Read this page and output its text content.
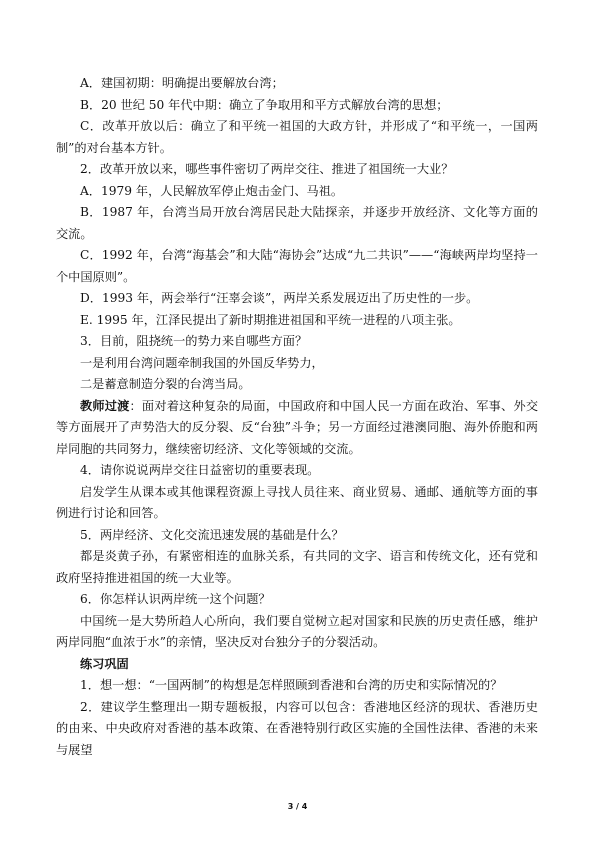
A．建国初期：明确提出要解放台湾；

B．20 世纪 50 年代中期：确立了争取用和平方式解放台湾的思想；

C．改革开放以后：确立了和平统一祖国的大政方针，并形成了“和平统一，一国两制”的对台基本方针。

2．改革开放以来，哪些事件密切了两岸交往、推进了祖国统一大业？

A．1979 年，人民解放军停止炮击金门、马祖。

B．1987 年，台湾当局开放台湾居民赴大陆探亲，并逐步开放经济、文化等方面的交流。

C．1992 年，台湾“海基会”和大陆“海协会”达成“九二共识”——“海峡两岸均坚持一个中国原则”。

D．1993 年，两会举行“汪辜会谈”，两岸关系发展迈出了历史性的一步。

E. 1995 年，江泽民提出了新时期推进祖国和平统一进程的八项主张。

3．目前，阻挠统一的势力来自哪些方面？

一是利用台湾问题牵制我国的外国反华势力，

二是蓄意制造分裂的台湾当局。

教师过渡：面对着这种复杂的局面，中国政府和中国人民一方面在政治、军事、外交等方面展开了声势浩大的反分裂、反“台独”斗争；另一方面经过港澳同胞、海外侨胞和两岸同胞的共同努力，继续密切经济、文化等领域的交流。

4．请你说说两岸交往日益密切的重要表现。

启发学生从课本或其他课程资源上寻找人员往来、商业贸易、通邮、通航等方面的事例进行讨论和回答。

5．两岸经济、文化交流迅速发展的基础是什么？

都是炎黄子孙，有紧密相连的血脉关系，有共同的文字、语言和传统文化，还有党和政府坚持推进祖国的统一大业等。

6．你怎样认识两岸统一这个问题？

中国统一是大势所趋人心所向，我们要自觉树立起对国家和民族的历史责任感，维护两岸同胞“血浓于水”的亲情，坚决反对台独分子的分裂活动。

练习巩固

1．想一想：“一国两制”的构想是怎样照顾到香港和台湾的历史和实际情况的？

2．建议学生整理出一期专题板报，内容可以包含：香港地区经济的现状、香港历史的由来、中央政府对香港的基本政策、在香港特别行政区实施的全国性法律、香港的未来与展望

3 / 4
